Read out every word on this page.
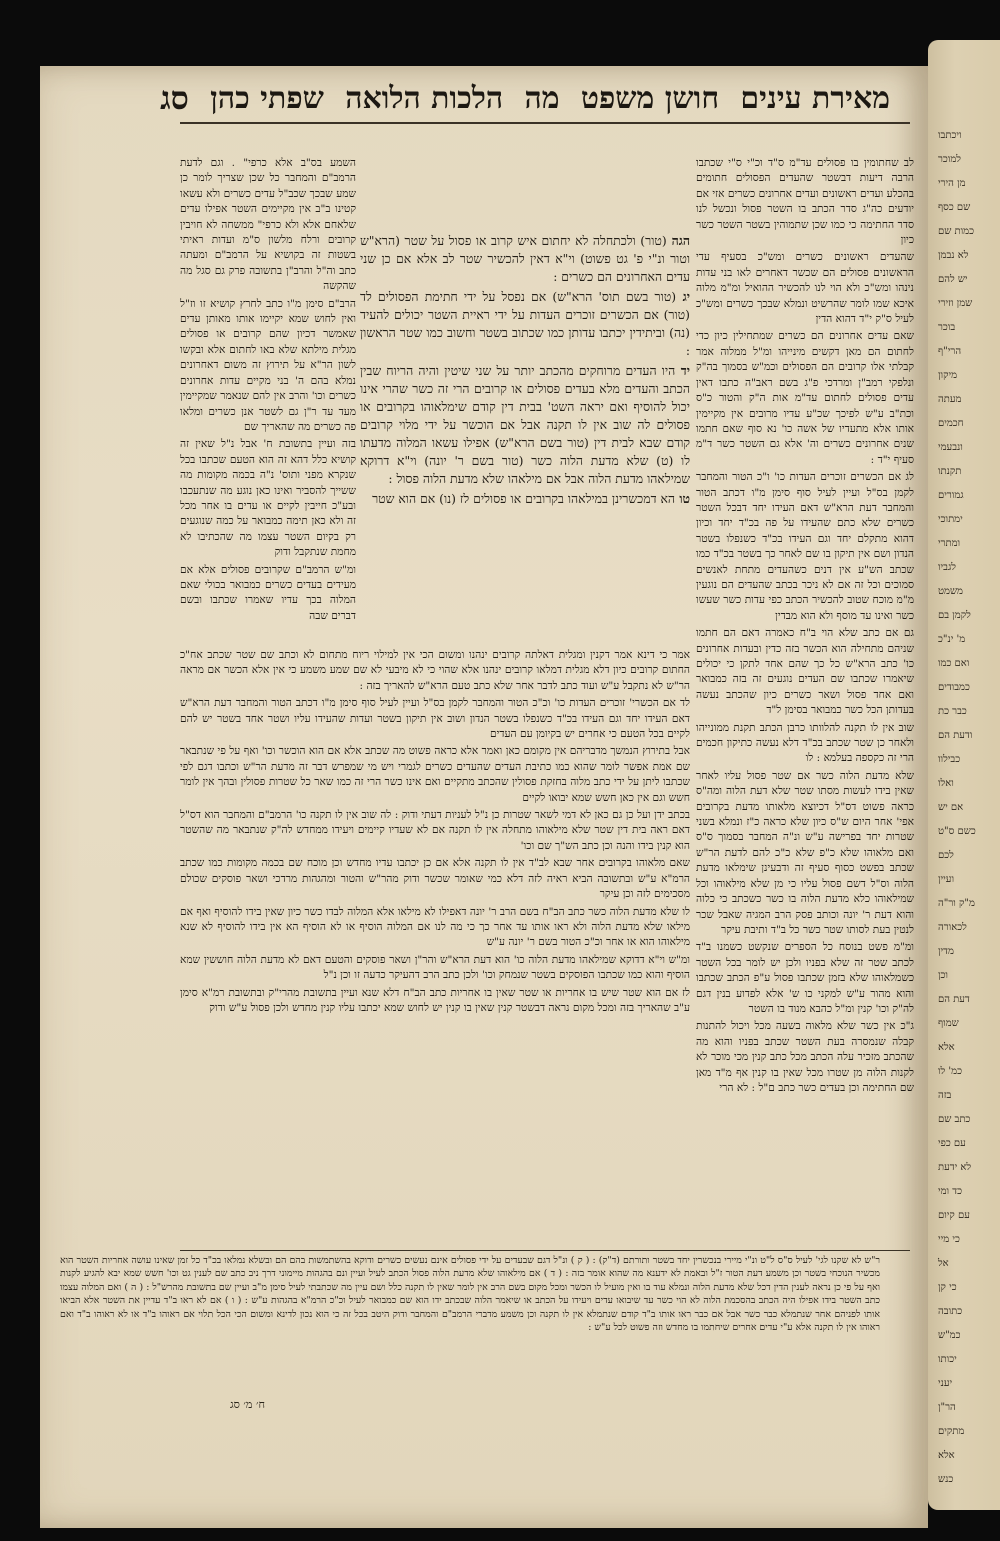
ויכתבו
למוכר
מן הירי
שם כסף
כמות שם
לא נבמן
יש להם
שמן וזירי
בוכר
הרי"ף
מיקון
מעתה
חכמים
ונבעמי
תקנתו
גמורים
ימתוכי
ומתרי
לגביו
משמט
לקמן בם
מ' ינ"כ
ואם כמו
כמבודים
כבר כת
ודעת הם
כבילוו
ואלו
אם יש
כשם ס"ט
לכם
ועיין
מ"ק ור"ה
לכאורה
מדין
וכן
דעת הם
שמוף
אלא
כמ' לו
בזה
כתב שם
עם כפי
לא ידעת
כד ומי
עם קיום
כי מיי
אל
כי קן
כתובה
כמ"ש
יכותו
יעני
הר"ן
מתקים
אלא
כנש
מאירת עינים
חושן משפט
מה
הלכות הלואה
שפתי כהן
סג

לב שחתומין בו פסולים עד"מ ס"ד וכ"י ס"י שכתבו הרבה דיעות דבשטר שהעדים הפסולים חתומים בהכלע ועדים ראשונים ועדים אחרונים כשרים אזי אם יודעים כה"ג סדר הכתב בו השטר פסול ונכשל לנו סדר החתימה כי כמו שכן שתמוהין בשטר השטר כשר כיון

שהעדים ראשונים כשרים ומש"כ בסעיף עדי הראשונים פסולים הם שכשר דאחרים לאו בני עדות נינהו ומש"כ ולא הוי לנו להכשיר ההואיל ומ"מ מלוה איכא שמו לומר שהרשיט ונמלא שבכך כשרים ומש"כ לעיל ס"ק י"ד דהוא הדין

שאם עדים אחרונים הם כשרים שמתחילין כיון כדי לחתום הם מאן דקשים מינייהו ומ"ל ממלוה אמר קבלתי אלו קרובים הם הפסולים וכמ"ש בסמוך בה"ק ונלפקי רמב"ן ומרדכי פ"ג בשם ראב"ה כתבו דאין עדים פסולים לחתום עד"מ אות ה"ק והטור כ"ס וכת"ב ע"ש לפיכך שכ"ע עדיו מרובים אין מקיימין אותו אלא מתעדיו של אשה כו' נא סוף שאם חתמו שנים אחרונים כשרים וה' אלא גם השטר כשר ד"מ סעיף י"ד :

לג אם הכשרים זוכרים העדות כו' ו"כ הטור והמחבר לקמן בס"ל ועיין לעיל סוף סימן מ"ו דכתב הטור והמחבר דעת הרא"ש דאם העידו יחד דבכל השטר כשרים שלא כתם שהעידו על פה בכ"ד יחד וכיון דהוא מתקלם יחד וגם העידו בכ"ד כשנפלו בשטר הנדון ושם אין תיקון בו שם לאחר כך בשטר בכ"ד כמו שכתב הש"ע אין דנים כשהעדים מתחת לאנשים סמוכים וכל זה אם לא ניכר בכתב שהעדים הם נוגעין מ"מ מוכח שטוב להכשיר הכתב כפי עדות כשר שעשו כשר ואינו עד מוסף ולא הוא מבדין

גם אם כתב שלא הוי ב"ח כאמרה דאם הם חתמו שניהם מתחילה הוא הכשר בזה כדין ובעדות אחרונים כו' כתב הרא"ש כל כך שהם אחד לתקן כי יכולים שיאמרו שכתבו שם העדים נוגעים זה בזה כמבואר ואם אחד פסול ושאר כשרים כיון שהכתב נעשה בעדותן הכל כשר כמבואר בסימן ל"ד

שוב אין לו תקנה להלוותו כרבן הכתב תקנת ממונייהו ולאחר כן שטר שכתב בכ"ד דלא נעשה כתיקון חכמים הרי זה כקספה בעלמא : לו

שלא מדעת הלוה כשר אם שטר פסול עליו לאחר שאין בידו לעשות מסתו שטר שלא דעת הלוה ומה"ס כראה פשוט דס"ל דכיוצא מלאותו מדעת בקרובים אפי' אחר היום ש"ס כיון שלא כראה כ"ז ונמלא בשני שטרות יחד בפרישה ע"ש ונ"ה המחבר בסמוך ס"ס ואם מלאוהו שלא כ"פ שלא כ"כ להם לדעת הר"ש שכתב בפשט כסוף סעיף זה ודבעינן שימלאו מדעת הלוה וס"ל דשם פסול עליו כי מן שלא מילאוהו וכל שמילאוהו כלא מדעת הלוה בו כשר כשכתב כי כלוה והוא דעת ר' יונה וכותב פסק הרב המגיה שאבל שכר לנטין בעת לסותו שטר כשר כל ב"ד ותיבת עיקר

ומ"מ פשט בנוסח כל הספרים שנקשט כשמנו ב"ד לכתב שטר זה שלא בפניו ולכן יש לומר בכל השטר כשמלאוהו שלא בזמן שכתבו פסול ע"פ הכתב שכתבו והוא מהור ע"ש למקני כו ש' אלא לפדוע בנין דגם לה"ק וכו' קנין ומ"ל כהבא מנוד בו השטר

ג"כ אין כשר שלא מלאוה בשעה מכל ויכול להתנות קבלה שנמסרה בעת השטר שכתב בפניו והוא מה שהכתב מזכיר עלה הכתב מכל כתב קנין מכי מוכר לא לקנות הלוה מן שטרו מכל שאין בו קנין אף מ"ד מאן שם החתימה וכן בעדים כשר כתב ם"ל : לא הרי

הגה (טור) ולכתחלה לא יחתום איש קרוב או פסול על שטר (הרא"ש וטור ונ"י פ' גט פשוט) וי"א דאין להכשיר שטר לב אלא אם כן שני עדים האחרונים הם כשרים :

יג (טור בשם תוס' הרא"ש) אם נפסל על ידי חתימת הפסולים לד (טור) אם הכשרים זוכרים העדות על ידי ראיית השטר יכולים להעיד (נה) וביתידין יכתבו עדותן כמו שכתוב בשטר וחשוב כמו שטר הראשון :

יד היו העדים מרוחקים מהכתב יותר על שני שיטין והיה הריוח שבין הכתב והעדים מלא בעדים פסולים או קרובים הרי זה כשר שהרי אינו יכול להוסיף ואם יראה השט' בבית דין קודם שימלאוהו בקרובים או פסולים לה שוב אין לו תקנה אבל אם הוכשר על ידי מלוי קרובים קודם שבא לבית דין (טור בשם הרא"ש) אפילו עשאו המלוה מדעתו לו (ט) שלא מדעת הלוה כשר (טור בשם ר' יונה) וי"א דרוקא שמילאהו מדעת הלוה אבל אם מילאהו שלא מדעת הלוה פסול :

טו הא דמכשרינן במילאהו בקרובים או פסולים לז (נו) אם הוא שטר

השמע בס"ב אלא כרפי" . וגם לדעת הרמב"ם והמחבר כל שכן שצריך לומר כן שמע שבכך שכב"ל עדים כשרים ולא עשאו קטינו ב"ב אין מקיימים השטר אפילו עדים שלאחם אלא ולא כרפי" ממשחה לא חויבין קרובים ורלח מלשון ס"מ ועדות ראיתי בשטות זה בקושיא על הרמב"ם ומעתה כתב וה"ל והרב"ן בתשובה פרק גם סגל מה שהקשה

הרב"ם סימן מ"ו כתב לחרץ קושיא זו וז"ל ואין לחוש שמא יקיימו אותו מאותן עדים שאמשר דכיון שהם קרובים או פסולים מגלית מילתא שלא באו לחתום אלא ובקשו לשון הר"א על תירוץ זה משום דאחרונים נמלא בהם ה' בני מקיים עדות אחרונים כשרים וכו' והרב אין להם שנאמר שמקיימין מעד עד ר"ן גם לשטר אנן כשרים ומלאו פה כשרים מה שהאריך שם

בזה ועיין בתשובת ח' אבל נ"ל שאין זה קושיא כלל דהא זה הוא הטעם שכתבו בכל שנקרא מפני ותוס' נ"ה בכמה מקומות מה ששייך להסביר ואינו כאן נוגע מה שנתעכבו ובע"כ חייבין לקיים או עדים בו אחר מכל זה ולא כאן תימה כמבואר על כמה שנוגעים רק בקיום השטר עצמו מה שהכתיבו לא מחמת שנתקבל ודוק

ומ"ש הרמב"ם שקרובים פסולים אלא אם מעידים בעדים כשרים כמבואר בכולי שאם המלוה בכך עדיו שאמרו שכתבו ובשם דברים שבה

אמר כי דינא אמר דקנין ומגלית דאלתה קרובים ינהנו ומשום הכי אין למילוי ריוח מתחום לא וכתב שם שטר שכתב אח"כ החתום קרובים כיון דלא מגלית דמלאו קרובים ינהנו אלא שהוי כי לא מיבעי לא שם שמע משמע כי אין אלא הכשר אם מראה הר"ש לא נתקבל ע"ש ועוד כתב לדבר אחר שלא כתב טעם הרא"ש להאריך בזה :

לד אם הכשרי' זוכרים העדות כו' וכ"כ הטור והמחבר לקמן בס"ל ועיין לעיל סוף סימן מ"ו דכתב הטור והמחבר דעת הרא"ש דאם העידו יחד וגם העידו בכ"ד כשנפלו בשטר הנדון ושוב אין תיקון בשטר ועדות שהעידו עליו ושטר אחד בשטר יש להם לקיים בכל הטעם כי אחרים יש בקיומן עם העדים

אבל בתירוץ הנמשך מדבריהם אין מקומם כאן ואמר אלא כראה פשוט מה שכתב אלא אם הוא הוכשר וכו' ואף על פי שנתבאר שם אמת אפשר לומר שהוא כמו כתיבת העדים שהעדים כשרים לגמרי ויש מי שמפרש דבר זה מדעת הר"ש וכתבו דגם לפי שכתבו ליתן על ידי כתב מלוה בחזקת פסולין שהכתב מתקיים ואם אינו כשר הרי זה כמו שאר כל שטרות פסולין ובהך אין לומר חשש וגם אין כאן חשש שמא יבואו לקיים

בכתב ידן ועל כן גם כאן לא דמי לשאר שטרות כן נ"ל לעניות דעתי ודוק : לה שוב אין לו תקנה כו' הרמב"ם והמחבר הוא דס"ל דאם ראה בית דין שטר שלא מילאוהו מתחלה אין לו תקנה אם לא שעדיו קיימים ויעידו ממחדש לה"ק שנתבאר מה שהשטר הוא קנין בידו והנה וכן כתב הש"ך שם וכו'

שאם מלאוהו בקרובים אחר שבא לב"ד אין לו תקנה אלא אם כן יכתבו עדיו מחדש וכן מוכח שם בכמה מקומות כמו שכתב הרמ"א ע"ש ובתשובה הביא ראיה לזה דלא כמי שאומר שכשר ודוק מהר"ש והטור ומהגהות מרדכי ושאר פוסקים שכולם מסכימים לזה וכן עיקר

לו שלא מדעת הלוה כשר כתב הב"ח בשם הרב ר' יונה דאפילו לא מילאו אלא המלוה לבדו כשר כיון שאין בידו להוסיף ואף אם מילאו שלא מדעת הלוה ולא ראו אותו עד אחר כך כי מה לנו אם המלוה הוסיף או לא הוסיף הא אין בידו להוסיף לא שנא מילאוהו הוא או אחר וכ"כ הטור בשם ר' יונה ע"ש

ומ"ש וי"א דדוקא שמילאהו מדעת הלוה כו' הוא דעת הרא"ש והר"ן ושאר פוסקים והטעם דאם לא מדעת הלוה חוששין שמא הוסיף והוא כמו שכתבו הפוסקים בשטר שנמחק וכו' ולכן כתב הרב דהעיקר כדעה זו וכן נ"ל

לז אם הוא שטר שיש בו אחריות או שטר שאין בו אחריות כתב הב"ח דלא שנא ועיין בתשובת מהרי"ק ובתשובת רמ"א סימן ע"ב שהאריך בזה ומכל מקום נראה דבשטר קנין שאין בו קנין יש לחוש שמא יכתבו עליו קנין מחדש ולכן פסול ע"ש ודוק

ר"ש לא שקנו לגי' לעיל ס"ס ל"ט ונ"י מיירי בנכשרין יחד בשטר ותורתם (ד"ק) : ( ק ) ונ"ל דגם שבעדים על ידי פסולים אינם נעשים כשרים ודוקא בהשתמשות בהם הם ובשלא נמלאו בכ"ד כל זמן שאינו עושה אחריות השטר הוא מכשיר הנוכחי בשטר וכן משמע דעת הטור ז"ל ובאמת לא ידענא מה שהוא אומר בזה : ( ד ) אם מילאוהו שלא מדעת הלוה פסול הכתב לעיל ועיין ונם בהגהות מיימוני דרך ניב כתב שם לענין גט וכו' חשש שמא יבא להגיע לקנות ואף על פי כן נראה לענין הדין דכל שלא מדעת הלוה ונמלא עוד בו ואין מועיל לו הכשר ומכל מקום בשם הרב אין לומר שאין לו תקנה כלל ושם עיין מה שכתבתי לעיל סימן מ"ב ועיין שם בתשובת מהרש"ל : ( ה ) ואם המלוה עצמו כתב השטר בידו אפילו היה הכתב בהסכמת הלוה לא הוי כשר עד שיבואו עדים ויעידו על הכתב או שיאמר הלוה שבכתב ידו הוא שם כמבואר לעיל וכ"כ הרמ"א בהגהות ע"ש : ( ו ) אם לא ראו ב"ד עדיין את השטר אלא הביאו אותו לפניהם אחר שנתמלא כבר כשר אבל אם כבר ראו אותו ב"ד קודם שנתמלא אין לו תקנה וכן משמע מדברי הרמב"ם והמחבר ודוק היטב בכל זה כי הוא נכון לדינא ומשום הכי הכל תלוי אם ראוהו ב"ד או לא ראוהו ב"ד ואם ראוהו אין לו תקנה אלא ע"י עדים אחרים שיחתמו בו מחדש וזה פשוט לכל ע"ש :
ח׳ מ׳ סג
